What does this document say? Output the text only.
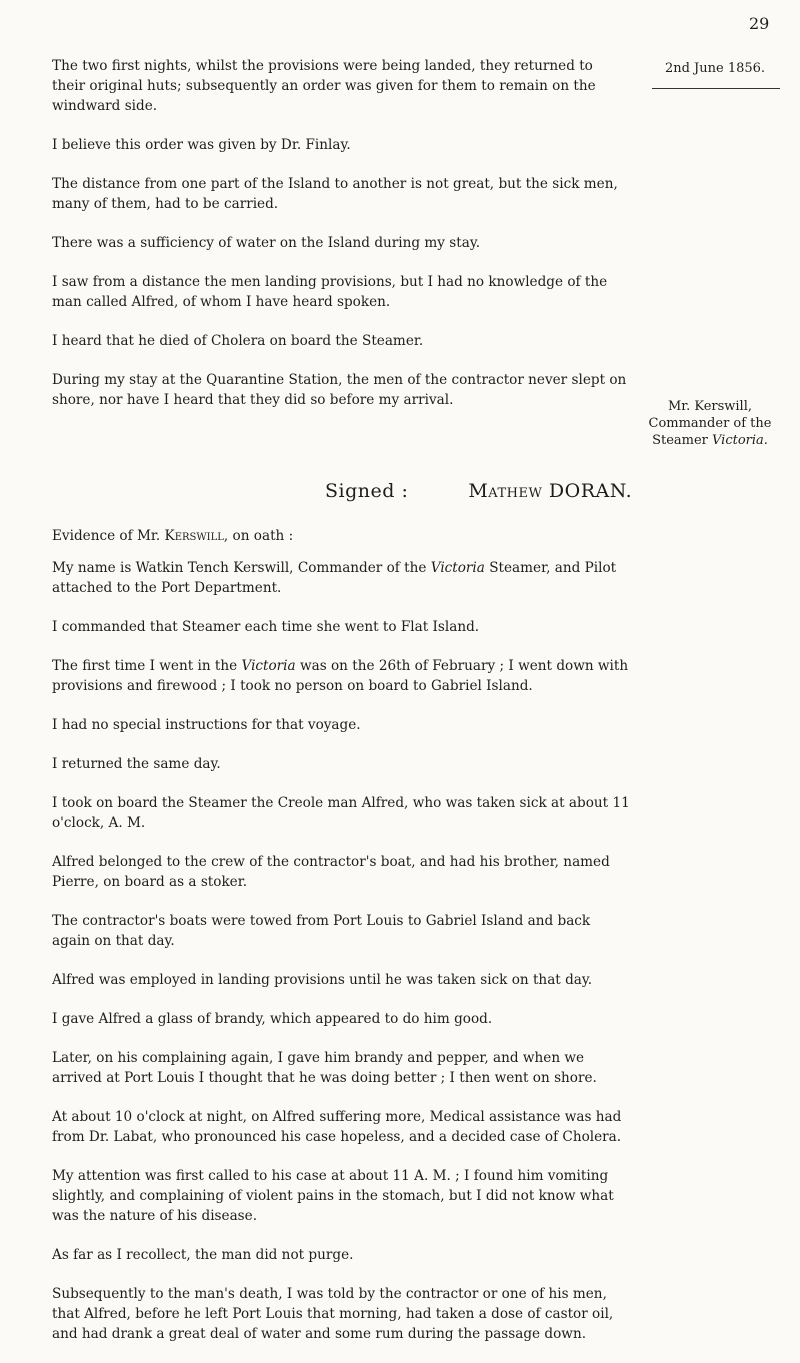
29
2nd June 1856.

The two first nights, whilst the provisions were being landed, they returned to their original huts; subsequently an order was given for them to remain on the windward side.

I believe this order was given by Dr. Finlay.

The distance from one part of the Island to another is not great, but the sick men, many of them, had to be carried.

There was a sufficiency of water on the Island during my stay.

I saw from a distance the men landing provisions, but I had no knowledge of the man called Alfred, of whom I have heard spoken.

I heard that he died of Cholera on board the Steamer.

During my stay at the Quarantine Station, the men of the contractor never slept on shore, nor have I heard that they did so before my arrival.

Signed :	Mathew DORAN.

Evidence of Mr. Kerswill, on oath :

Mr. Kerswill,
Commander of the
Steamer Victoria.

My name is Watkin Tench Kerswill, Commander of the Victoria Steamer, and Pilot attached to the Port Department.

I commanded that Steamer each time she went to Flat Island.

The first time I went in the Victoria was on the 26th of February ; I went down with provisions and firewood ; I took no person on board to Gabriel Island.

I had no special instructions for that voyage.

I returned the same day.

I took on board the Steamer the Creole man Alfred, who was taken sick at about 11 o'clock, A. M.

Alfred belonged to the crew of the contractor's boat, and had his brother, named Pierre, on board as a stoker.

The contractor's boats were towed from Port Louis to Gabriel Island and back again on that day.

Alfred was employed in landing provisions until he was taken sick on that day.

I gave Alfred a glass of brandy, which appeared to do him good.

Later, on his complaining again, I gave him brandy and pepper, and when we arrived at Port Louis I thought that he was doing better ; I then went on shore.

At about 10 o'clock at night, on Alfred suffering more, Medical assistance was had from Dr. Labat, who pronounced his case hopeless, and a decided case of Cholera.

My attention was first called to his case at about 11 A. M. ; I found him vomiting slightly, and complaining of violent pains in the stomach, but I did not know what was the nature of his disease.

As far as I recollect, the man did not purge.

Subsequently to the man's death, I was told by the contractor or one of his men, that Alfred, before he left Port Louis that morning, had taken a dose of castor oil, and had drank a great deal of water and some rum during the passage down.
